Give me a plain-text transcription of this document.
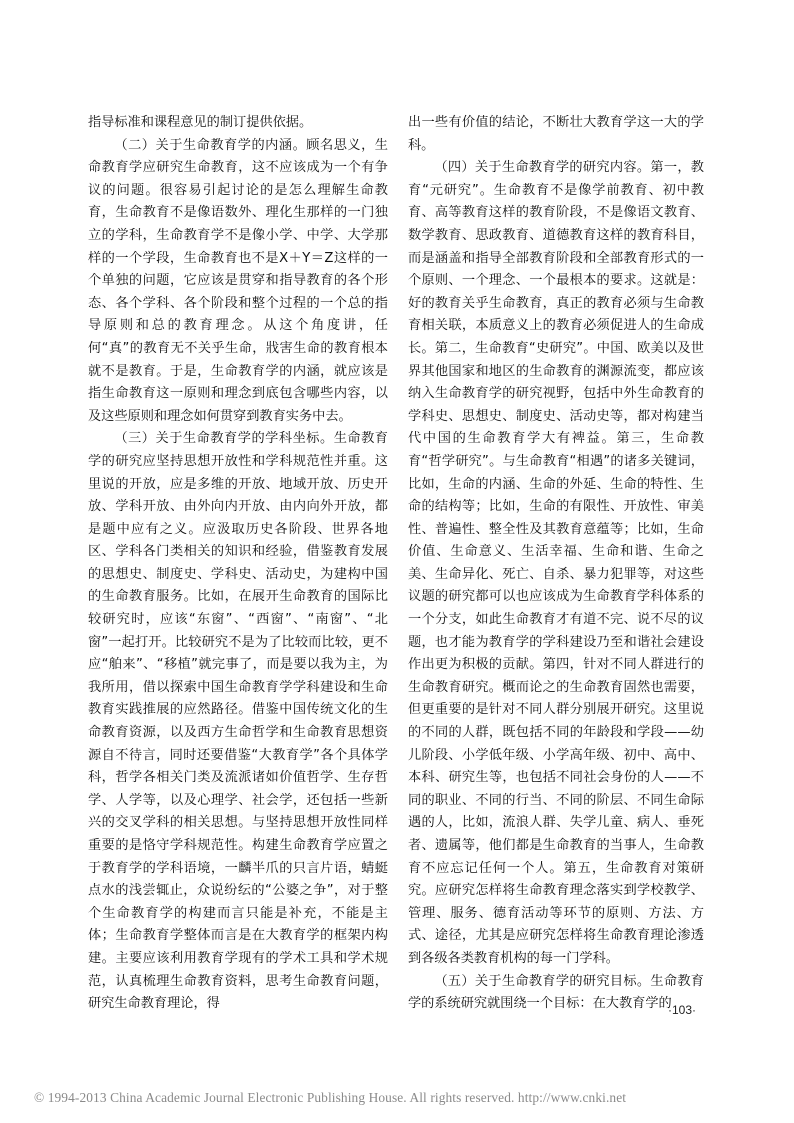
指导标准和课程意见的制订提供依据。

（二）关于生命教育学的内涵。顾名思义，生命教育学应研究生命教育，这不应该成为一个有争议的问题。很容易引起讨论的是怎么理解生命教育，生命教育不是像语数外、理化生那样的一门独立的学科，生命教育学不是像小学、中学、大学那样的一个学段，生命教育也不是X＋Y＝Z这样的一个单独的问题，它应该是贯穿和指导教育的各个形态、各个学科、各个阶段和整个过程的一个总的指导原则和总的教育理念。从这个角度讲，任何“真”的教育无不关乎生命，戕害生命的教育根本就不是教育。于是，生命教育学的内涵，就应该是指生命教育这一原则和理念到底包含哪些内容，以及这些原则和理念如何贯穿到教育实务中去。

（三）关于生命教育学的学科坐标。生命教育学的研究应坚持思想开放性和学科规范性并重。这里说的开放，应是多维的开放、地域开放、历史开放、学科开放、由外向内开放、由内向外开放，都是题中应有之义。应汲取历史各阶段、世界各地区、学科各门类相关的知识和经验，借鉴教育发展的思想史、制度史、学科史、活动史，为建构中国的生命教育服务。比如，在展开生命教育的国际比较研究时，应该“东窗”、“西窗”、“南窗”、“北窗”一起打开。比较研究不是为了比较而比较，更不应“舶来”、“移植”就完事了，而是要以我为主，为我所用，借以探索中国生命教育学学科建设和生命教育实践推展的应然路径。借鉴中国传统文化的生命教育资源，以及西方生命哲学和生命教育思想资源自不待言，同时还要借鉴“大教育学”各个具体学科，哲学各相关门类及流派诸如价值哲学、生存哲学、人学等，以及心理学、社会学，还包括一些新兴的交叉学科的相关思想。与坚持思想开放性同样重要的是恪守学科规范性。构建生命教育学应置之于教育学的学科语境，一麟半爪的只言片语，蜻蜓点水的浅尝辄止，众说纷纭的“公婆之争”，对于整个生命教育学的构建而言只能是补充，不能是主体；生命教育学整体而言是在大教育学的框架内构建。主要应该利用教育学现有的学术工具和学术规范，认真梳理生命教育资料，思考生命教育问题，研究生命教育理论，得

出一些有价值的结论，不断壮大教育学这一大的学科。

（四）关于生命教育学的研究内容。第一，教育“元研究”。生命教育不是像学前教育、初中教育、高等教育这样的教育阶段，不是像语文教育、数学教育、思政教育、道德教育这样的教育科目，而是涵盖和指导全部教育阶段和全部教育形式的一个原则、一个理念、一个最根本的要求。这就是：好的教育关乎生命教育，真正的教育必须与生命教育相关联，本质意义上的教育必须促进人的生命成长。第二，生命教育“史研究”。中国、欧美以及世界其他国家和地区的生命教育的渊源流变，都应该纳入生命教育学的研究视野，包括中外生命教育的学科史、思想史、制度史、活动史等，都对构建当代中国的生命教育学大有裨益。第三，生命教育“哲学研究”。与生命教育“相遇”的诸多关键词，比如，生命的内涵、生命的外延、生命的特性、生命的结构等；比如，生命的有限性、开放性、审美性、普遍性、整全性及其教育意蕴等；比如，生命价值、生命意义、生活幸福、生命和谐、生命之美、生命异化、死亡、自杀、暴力犯罪等，对这些议题的研究都可以也应该成为生命教育学科体系的一个分支，如此生命教育才有道不完、说不尽的议题，也才能为教育学的学科建设乃至和谐社会建设作出更为积极的贡献。第四，针对不同人群进行的生命教育研究。概而论之的生命教育固然也需要，但更重要的是针对不同人群分别展开研究。这里说的不同的人群，既包括不同的年龄段和学段——幼儿阶段、小学低年级、小学高年级、初中、高中、本科、研究生等，也包括不同社会身份的人——不同的职业、不同的行当、不同的阶层、不同生命际遇的人，比如，流浪人群、失学儿童、病人、垂死者、遗属等，他们都是生命教育的当事人，生命教育不应忘记任何一个人。第五，生命教育对策研究。应研究怎样将生命教育理念落实到学校教学、管理、服务、德育活动等环节的原则、方法、方式、途径，尤其是应研究怎样将生命教育理论渗透到各级各类教育机构的每一门学科。

（五）关于生命教育学的研究目标。生命教育学的系统研究就围绕一个目标：在大教育学的

·103·
© 1994-2013 China Academic Journal Electronic Publishing House. All rights reserved. http://www.cnki.net
